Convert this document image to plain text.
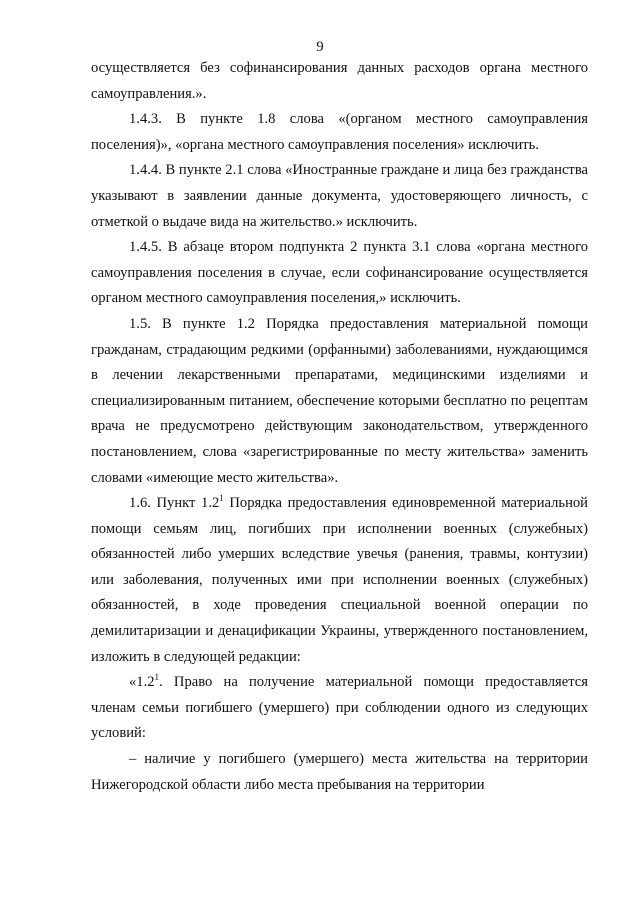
9

осуществляется без софинансирования данных расходов органа местного самоуправления.».

1.4.3. В пункте 1.8 слова «(органом местного самоуправления поселения)», «органа местного самоуправления поселения» исключить.

1.4.4. В пункте 2.1 слова «Иностранные граждане и лица без гражданства указывают в заявлении данные документа, удостоверяющего личность, с отметкой о выдаче вида на жительство.» исключить.

1.4.5. В абзаце втором подпункта 2 пункта 3.1 слова «органа местного самоуправления поселения в случае, если софинансирование осуществляется органом местного самоуправления поселения,» исключить.

1.5. В пункте 1.2 Порядка предоставления материальной помощи гражданам, страдающим редкими (орфанными) заболеваниями, нуждающимся в лечении лекарственными препаратами, медицинскими изделиями и специализированным питанием, обеспечение которыми бесплатно по рецептам врача не предусмотрено действующим законодательством, утвержденного постановлением, слова «зарегистрированные по месту жительства» заменить словами «имеющие место жительства».

1.6. Пункт $1.2^1$ Порядка предоставления единовременной материальной помощи семьям лиц, погибших при исполнении военных (служебных) обязанностей либо умерших вследствие увечья (ранения, травмы, контузии) или заболевания, полученных ими при исполнении военных (служебных) обязанностей, в ходе проведения специальной военной операции по демилитаризации и денацификации Украины, утвержденного постановлением, изложить в следующей редакции:

«$1.2^1$. Право на получение материальной помощи предоставляется членам семьи погибшего (умершего) при соблюдении одного из следующих условий:

– наличие у погибшего (умершего) места жительства на территории Нижегородской области либо места пребывания на территории
